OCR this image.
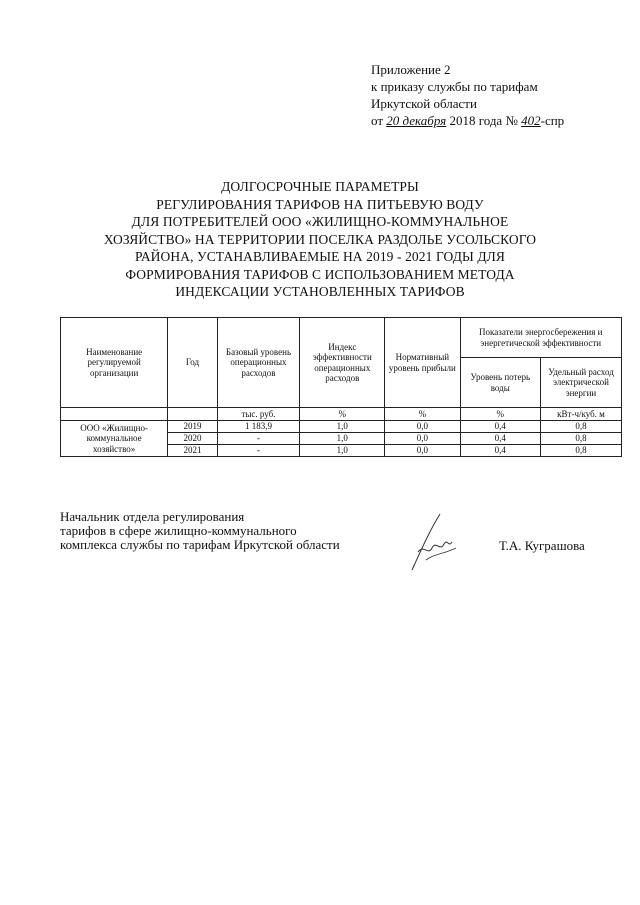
Приложение 2
к приказу службы по тарифам
Иркутской области
от 20 декабря 2018 года № 402-спр
ДОЛГОСРОЧНЫЕ ПАРАМЕТРЫ
РЕГУЛИРОВАНИЯ ТАРИФОВ НА ПИТЬЕВУЮ ВОДУ
ДЛЯ ПОТРЕБИТЕЛЕЙ ООО «ЖИЛИЩНО-КОММУНАЛЬНОЕ
ХОЗЯЙСТВО» НА ТЕРРИТОРИИ ПОСЕЛКА РАЗДОЛЬЕ УСОЛЬСКОГО
РАЙОНА, УСТАНАВЛИВАЕМЫЕ НА 2019 - 2021 ГОДЫ ДЛЯ
ФОРМИРОВАНИЯ ТАРИФОВ С ИСПОЛЬЗОВАНИЕМ МЕТОДА
ИНДЕКСАЦИИ УСТАНОВЛЕННЫХ ТАРИФОВ
Наименование регулируемой организации	Год	Базовый уровень операционных расходов	Индекс эффективности операционных расходов	Нормативный уровень прибыли	Показатели энергосбережения и энергетической эффективности	
					Уровень потерь воды	Удельный расход электрической энергии
		тыс. руб.	%	%	%	кВт-ч/куб. м

ООО «Жилищно-
коммунальное
хозяйство»	2019	1 183,9	1,0	0,0	0,4	0,8
	2020	-	1,0	0,0	0,4	0,8
	2021	-	1,0	0,0	0,4	0,8
Начальник отдела регулирования
тарифов в сфере жилищно-коммунального
комплекса службы по тарифам Иркутской области	Т.А. Куграшова
